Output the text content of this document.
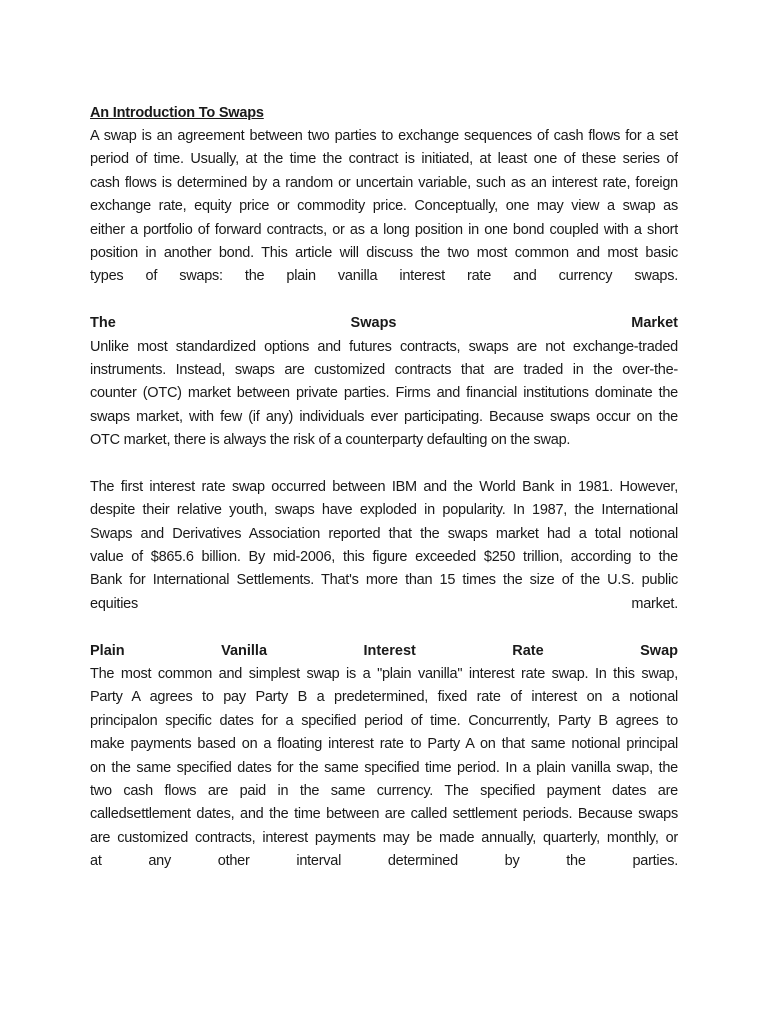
An Introduction To Swaps
A swap is an agreement between two parties to exchange sequences of cash flows for a set
period of time. Usually, at the time the contract is initiated, at least one of these series of
cash flows is determined by a random or uncertain variable, such as an interest rate, foreign
exchange rate, equity price or commodity price. Conceptually, one may view a swap as
either a portfolio of forward contracts, or as a long position in one bond coupled with a short
position in another bond. This article will discuss the two most common and most basic
types of swaps: the plain vanilla interest rate and currency swaps.
The Swaps Market
Unlike most standardized options and futures contracts, swaps are not exchange-traded
instruments. Instead, swaps are customized contracts that are traded in the over-the-
counter (OTC) market between private parties. Firms and financial institutions dominate the
swaps market, with few (if any) individuals ever participating. Because swaps occur on the
OTC market, there is always the risk of a counterparty defaulting on the swap.
The first interest rate swap occurred between IBM and the World Bank in 1981. However,
despite their relative youth, swaps have exploded in popularity. In 1987, the International
Swaps and Derivatives Association reported that the swaps market had a total notional
value of $865.6 billion. By mid-2006, this figure exceeded $250 trillion, according to the
Bank for International Settlements. That's more than 15 times the size of the U.S. public
equities market.
Plain Vanilla Interest Rate Swap
The most common and simplest swap is a "plain vanilla" interest rate swap. In this swap,
Party A agrees to pay Party B a predetermined, fixed rate of interest on a notional
principalon specific dates for a specified period of time. Concurrently, Party B agrees to
make payments based on a floating interest rate to Party A on that same notional principal
on the same specified dates for the same specified time period. In a plain vanilla swap, the
two cash flows are paid in the same currency. The specified payment dates are
calledsettlement dates, and the time between are called settlement periods. Because swaps
are customized contracts, interest payments may be made annually, quarterly, monthly, or
at any other interval determined by the parties.
